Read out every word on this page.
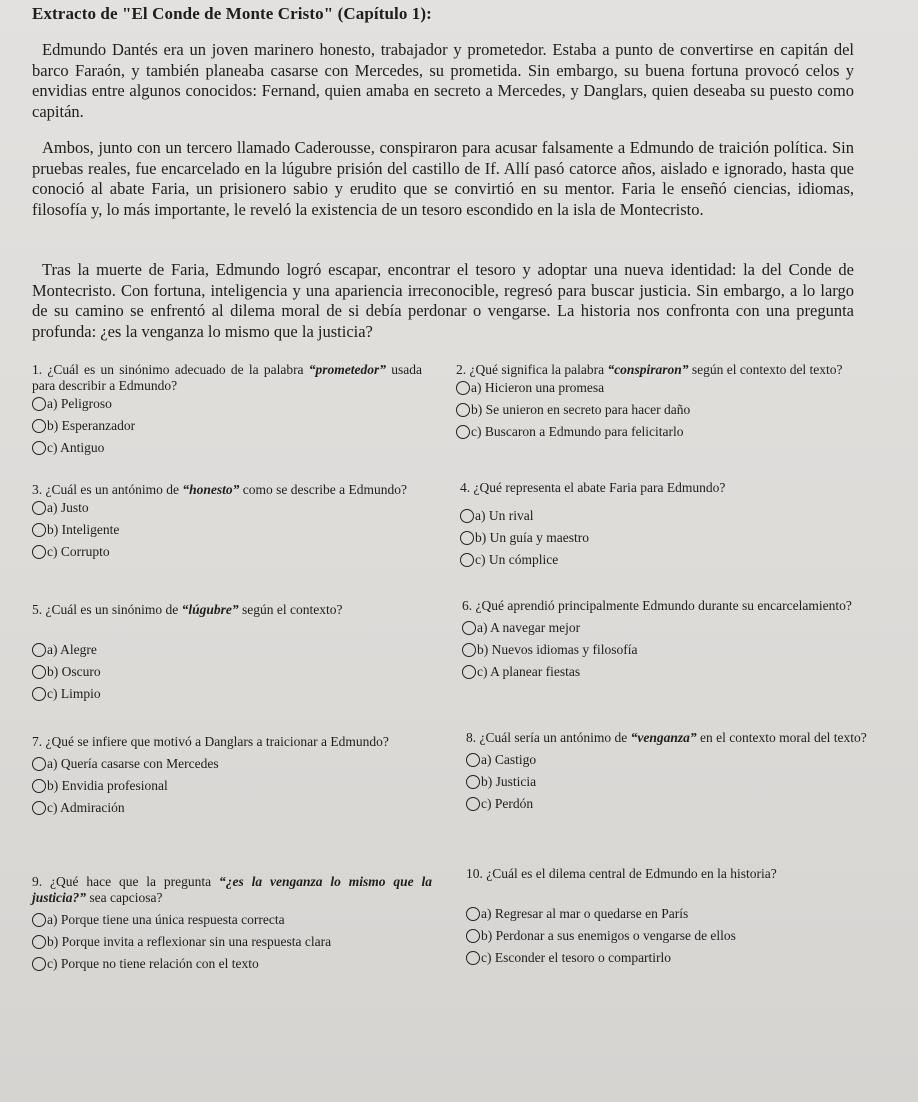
Extracto de "El Conde de Monte Cristo" (Capítulo 1):
Edmundo Dantés era un joven marinero honesto, trabajador y prometedor. Estaba a punto de convertirse en capitán del barco Faraón, y también planeaba casarse con Mercedes, su prometida. Sin embargo, su buena fortuna provocó celos y envidias entre algunos conocidos: Fernand, quien amaba en secreto a Mercedes, y Danglars, quien deseaba su puesto como capitán.
Ambos, junto con un tercero llamado Caderousse, conspiraron para acusar falsamente a Edmundo de traición política. Sin pruebas reales, fue encarcelado en la lúgubre prisión del castillo de If. Allí pasó catorce años, aislado e ignorado, hasta que conoció al abate Faria, un prisionero sabio y erudito que se convirtió en su mentor. Faria le enseñó ciencias, idiomas, filosofía y, lo más importante, le reveló la existencia de un tesoro escondido en la isla de Montecristo.
Tras la muerte de Faria, Edmundo logró escapar, encontrar el tesoro y adoptar una nueva identidad: la del Conde de Montecristo. Con fortuna, inteligencia y una apariencia irreconocible, regresó para buscar justicia. Sin embargo, a lo largo de su camino se enfrentó al dilema moral de si debía perdonar o vengarse. La historia nos confronta con una pregunta profunda: ¿es la venganza lo mismo que la justicia?
1. ¿Cuál es un sinónimo adecuado de la palabra “prometedor” usada para describir a Edmundo?
a) Peligroso
b) Esperanzador
c) Antiguo
2. ¿Qué significa la palabra “conspiraron” según el contexto del texto?
a) Hicieron una promesa
b) Se unieron en secreto para hacer daño
c) Buscaron a Edmundo para felicitarlo
3. ¿Cuál es un antónimo de “honesto” como se describe a Edmundo?
a) Justo
b) Inteligente
c) Corrupto
4. ¿Qué representa el abate Faria para Edmundo?
a) Un rival
b) Un guía y maestro
c) Un cómplice
5. ¿Cuál es un sinónimo de “lúgubre” según el contexto?
a) Alegre
b) Oscuro
c) Limpio
6. ¿Qué aprendió principalmente Edmundo durante su encarcelamiento?
a) A navegar mejor
b) Nuevos idiomas y filosofía
c) A planear fiestas
7. ¿Qué se infiere que motivó a Danglars a traicionar a Edmundo?
a) Quería casarse con Mercedes
b) Envidia profesional
c) Admiración
8. ¿Cuál sería un antónimo de “venganza” en el contexto moral del texto?
a) Castigo
b) Justicia
c) Perdón
9. ¿Qué hace que la pregunta “¿es la venganza lo mismo que la justicia?” sea capciosa?
a) Porque tiene una única respuesta correcta
b) Porque invita a reflexionar sin una respuesta clara
c) Porque no tiene relación con el texto
10. ¿Cuál es el dilema central de Edmundo en la historia?
a) Regresar al mar o quedarse en París
b) Perdonar a sus enemigos o vengarse de ellos
c) Esconder el tesoro o compartirlo
